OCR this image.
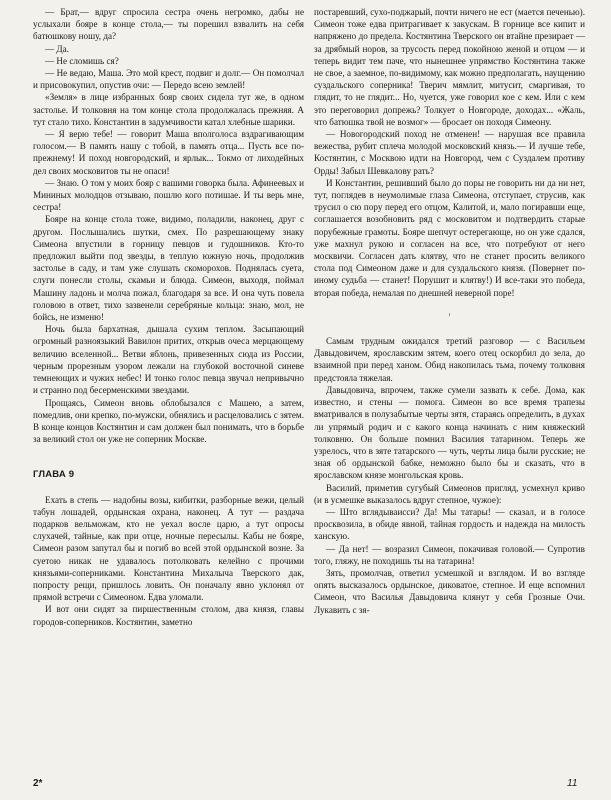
— Брат,— вдруг спросила сестра очень негромко, дабы не услыхали бояре в конце стола,— ты порешил взвалить на себя батюшкову ношу, да?

— Да.

— Не сломишь ся?

— Не ведаю, Маша. Это мой крест, подвиг и долг.— Он помолчал и присовокупил, опустив очи: — Передо всею землей!

«Земля» в лице избранных бояр своих сидела тут же, в одном застолье. И толковня на том конце стола продолжалась прежняя. А тут стало тихо. Константин в задумчивости катал хлебные шарики.

— Я верю тебе! — говорит Маша вполголоса вздрагивающим голосом.— В память нашу с тобой, в память отца... Пусть все по-прежнему! И поход новгородский, и ярлык... Токмо от лиходейных дел своих московитов ты не опаси!

— Знаю. О том у моих бояр с вашими говорка была. Афинеевых и Мининых молодцов отзываю, пошлю кого потишае. И ты верь мне, сестра!

Бояре на конце стола тоже, видимо, поладили, наконец, друг с другом. Послышались шутки, смех. По разрешающему знаку Симеона впустили в горницу певцов и гудошников. Кто-то предложил выйти под звезды, в теплую южную ночь, продолжив застолье в саду, и там уже слушать скоморохов. Поднялась суета, слуги понесли столы, скамьи и блюда. Симеон, выходя, поймал Машину ладонь и молча пожал, благодаря за все. И она чуть повела головою в ответ, тихо зазвенели серебряные кольца: знаю, мол, не бойсь, не изменю!

Ночь была бархатная, дышала сухим теплом. Засыпающий огромный разноязыкий Вавилон притих, открыв очеса мерцающему величию вселенной... Ветви яблонь, привезенных сюда из России, черным прорезным узором лежали на глубокой восточной синеве темнеющих и чужих небес! И тонко голос певца звучал непривычно и странно под бесерменскими звездами.

Прощаясь, Симеон вновь облобызался с Машею, а затем, помедлив, они крепко, по-мужски, обнялись и расцеловались с зятем. В конце концов Костянтин и сам должен был понимать, что в борьбе за великий стол он уже не соперник Москве.

ГЛАВА 9

Ехать в степь — надобны возы, кибитки, разборные вежи, целый табун лошадей, ордынская охрана, наконец. А тут — раздача подарков вельможам, кто не уехал восле царю, а тут опросы слухачей, тайные, как при отце, ночные пересылы. Кабы не бояре, Симеон разом запутал бы и погиб во всей этой ордынской возне. За суетою никак не удавалось потолковать келейно с прочими князьями-соперниками. Константина Михалыча Тверского дак, попросту рещи, пришлось ловить. Он поначалу явно уклонял от прямой встречи с Симеоном. Едва уломали.

И вот они сидят за пиршественным столом, два князя, главы городов-соперников. Костянтин, заметно

постаревший, сухо-поджарый, почти ничего не ест (мается печенью). Симеон тоже едва притрагивает к закускам. В горнице все кипит и напряжено до предела. Костянтина Тверского он втайне презирает — за дрябмый норов, за трусость перед покойною женой и отцом — и теперь видит тем паче, что нынешнее упрямство Костянтина также не свое, а заемное, по-видимому, как можно предполагать, наущению суздальского соперника! Тверич мямлит, митусит, смаргивая, то глядит, то не глядит... Но, чуется, уже говорил кое с кем. Или с кем это переговорил допрежь? Толкует о Новгороде, доходах... «Жаль, что батюшка твой не возмог» — бросает он походя Симеону.

— Новогородский поход не отменен! — нарушая все правила вежества, рубит сплеча молодой московский князь.— И лучше тебе, Костянтин, с Москвою идти на Новгород, чем с Суздалем противу Орды! Забыл Шевкалову рать?

И Константин, решивший было до поры не говорить ни да ни нет, тут, поглядев в неумолимые глаза Симеона, отступает, струсив, как трусил о сю пору перед его отцом, Калитой, и, мало погиравши еще, соглашается возобновить ряд с московитом и подтвердить старые порубежные грамоты. Бояре шепчут остерегающе, но он уже сдался, уже махнул рукою и согласен на все, что потребуют от него москвичи. Согласен дать клятву, что не станет просить великого стола под Симеоном даже и для суздальского князя. (Повернет по-иному судьба — станет! Порушит и клятву!) И все-таки это победа, вторая победа, немалая по днешней неверной поре!

ꞌ

Самым трудным ожидался третий разговор — с Васильем Давыдовичем, ярославским зятем, коего отец оскорбил до зела, до взаимной при перед ханом. Обид накопилась тьма, почему толковня предстояла тяжелая.

Давыдовича, впрочем, также сумели зазвать к себе. Дома, как известно, и стены — помога. Симеон во все время трапезы вматривался в полузабытые черты зятя, стараясь определить, в духах ли упрямый родич и с какого конца начинать с ним княжеский толковню. Он больше помнил Василия татарином. Теперь же узрелось, что в зяте татарского — чуть, черты лица были русские; не зная об ордынской бабке, неможно было бы и сказать, что в ярославском князе монгольская кровь.

Василий, приметив сугубый Симеонов пригляд, усмехнул криво (и в усмешке выказалось вдруг степное, чужое):

— Што вглядываисси? Да! Мы татары! — сказал, и в голосе просквозила, в обиде явной, тайная гордость и надежда на милость ханскую.

— Да нет! — возразил Симеон, покачивая головой.— Супротив того, гляжу, не походишь ты на татарина!

Зять, промолчав, ответил усмешкой и взглядом. И во взгляде опять высказалось ордынское, диковатое, степное. И еще вспомнил Симеон, что Василья Давыдовича клянут у себя Грозные Очи. Лукавить с зя-

2*	11
